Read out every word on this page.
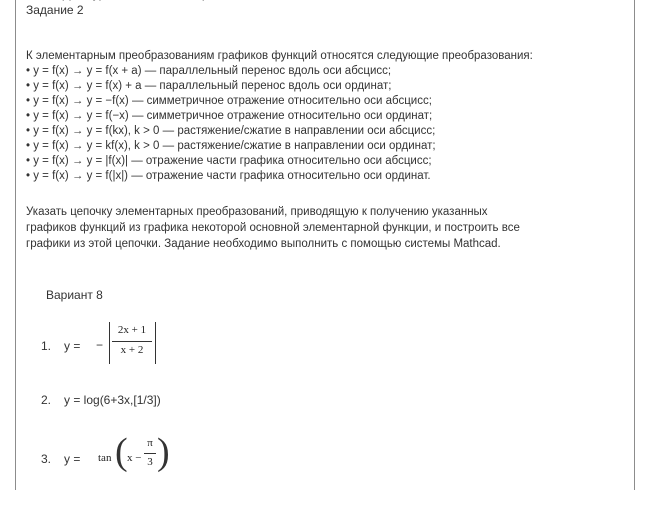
Задание 2
К элементарным преобразованиям графиков функций относятся следующие преобразования:
• y = f(x) → y = f(x + a) — параллельный перенос вдоль оси абсцисс;
• y = f(x) → y = f(x) + a — параллельный перенос вдоль оси ординат;
• y = f(x) → y = −f(x) — симметричное отражение относительно оси абсцисс;
• y = f(x) → y = f(−x) — симметричное отражение относительно оси ординат;
• y = f(x) → y = f(kx), k > 0 — растяжение/сжатие в направлении оси абсцисс;
• y = f(x) → y = kf(x), k > 0 — растяжение/сжатие в направлении оси ординат;
• y = f(x) → y = |f(x)| — отражение части графика относительно оси абсцисс;
• y = f(x) → y = f(|x|) — отражение части графика относительно оси ординат.
Указать цепочку элементарных преобразований, приводящую к получению указанных
графиков функций из графика некоторой основной элементарной функции, и построить все
графики из этой цепочки. Задание необходимо выполнить с помощью системы Mathcad.
Вариант 8
1. y = −
2x + 1
x + 2
2. y = log(6+3x,[1/3])
3. y = tan ( x −
π
3 )
